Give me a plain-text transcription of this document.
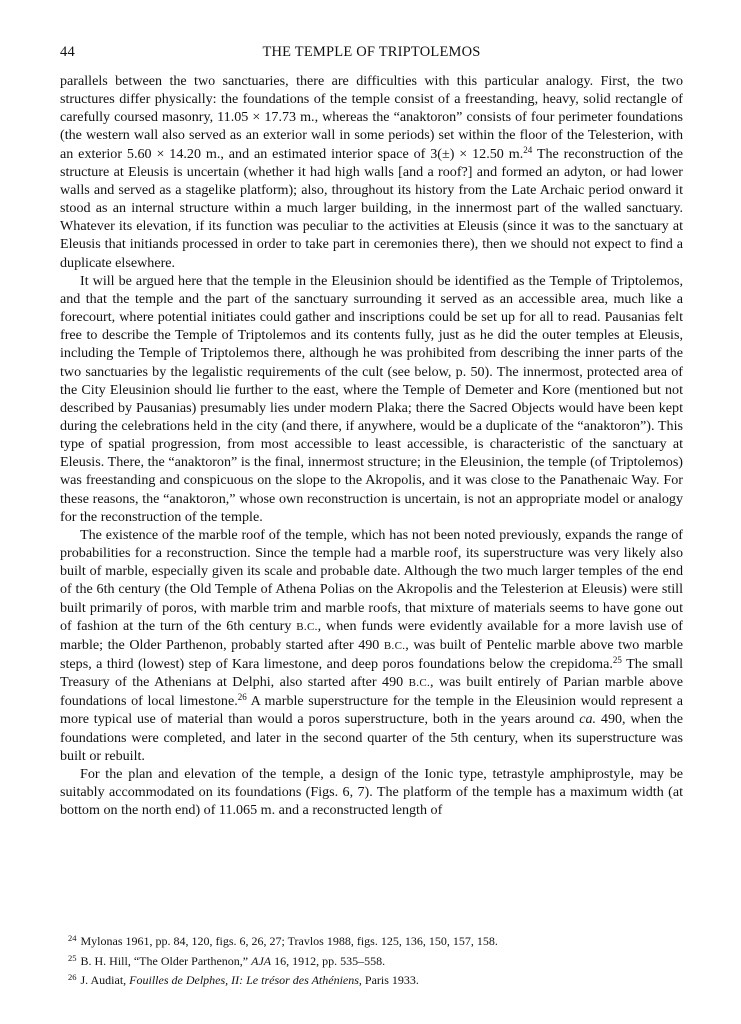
44	THE TEMPLE OF TRIPTOLEMOS

parallels between the two sanctuaries, there are difficulties with this particular analogy. First, the two structures differ physically: the foundations of the temple consist of a freestanding, heavy, solid rectangle of carefully coursed masonry, 11.05 × 17.73 m., whereas the “anaktoron” consists of four perimeter foundations (the western wall also served as an exterior wall in some periods) set within the floor of the Telesterion, with an exterior 5.60 × 14.20 m., and an estimated interior space of 3(±) × 12.50 m.$^{24}$ The reconstruction of the structure at Eleusis is uncertain (whether it had high walls [and a roof?] and formed an adyton, or had lower walls and served as a stagelike platform); also, throughout its history from the Late Archaic period onward it stood as an internal structure within a much larger building, in the innermost part of the walled sanctuary. Whatever its elevation, if its function was peculiar to the activities at Eleusis (since it was to the sanctuary at Eleusis that initiands processed in order to take part in ceremonies there), then we should not expect to find a duplicate elsewhere.

It will be argued here that the temple in the Eleusinion should be identified as the Temple of Triptolemos, and that the temple and the part of the sanctuary surrounding it served as an accessible area, much like a forecourt, where potential initiates could gather and inscriptions could be set up for all to read. Pausanias felt free to describe the Temple of Triptolemos and its contents fully, just as he did the outer temples at Eleusis, including the Temple of Triptolemos there, although he was prohibited from describing the inner parts of the two sanctuaries by the legalistic requirements of the cult (see below, p. 50). The innermost, protected area of the City Eleusinion should lie further to the east, where the Temple of Demeter and Kore (mentioned but not described by Pausanias) presumably lies under modern Plaka; there the Sacred Objects would have been kept during the celebrations held in the city (and there, if anywhere, would be a duplicate of the “anaktoron”). This type of spatial progression, from most accessible to least accessible, is characteristic of the sanctuary at Eleusis. There, the “anaktoron” is the final, innermost structure; in the Eleusinion, the temple (of Triptolemos) was freestanding and conspicuous on the slope to the Akropolis, and it was close to the Panathenaic Way. For these reasons, the “anaktoron,” whose own reconstruction is uncertain, is not an appropriate model or analogy for the reconstruction of the temple.

The existence of the marble roof of the temple, which has not been noted previously, expands the range of probabilities for a reconstruction. Since the temple had a marble roof, its superstructure was very likely also built of marble, especially given its scale and probable date. Although the two much larger temples of the end of the 6th century (the Old Temple of Athena Polias on the Akropolis and the Telesterion at Eleusis) were still built primarily of poros, with marble trim and marble roofs, that mixture of materials seems to have gone out of fashion at the turn of the 6th century B.C., when funds were evidently available for a more lavish use of marble; the Older Parthenon, probably started after 490 B.C., was built of Pentelic marble above two marble steps, a third (lowest) step of Kara limestone, and deep poros foundations below the crepidoma.$^{25}$ The small Treasury of the Athenians at Delphi, also started after 490 B.C., was built entirely of Parian marble above foundations of local limestone.$^{26}$ A marble superstructure for the temple in the Eleusinion would represent a more typical use of material than would a poros superstructure, both in the years around ca. 490, when the foundations were completed, and later in the second quarter of the 5th century, when its superstructure was built or rebuilt.

For the plan and elevation of the temple, a design of the Ionic type, tetrastyle amphiprostyle, may be suitably accommodated on its foundations (Figs. 6, 7). The platform of the temple has a maximum width (at bottom on the north end) of 11.065 m. and a reconstructed length of

$^{24}$ Mylonas 1961, pp. 84, 120, figs. 6, 26, 27; Travlos 1988, figs. 125, 136, 150, 157, 158.
$^{25}$ B. H. Hill, “The Older Parthenon,” AJA 16, 1912, pp. 535–558.
$^{26}$ J. Audiat, Fouilles de Delphes, II: Le trésor des Athéniens, Paris 1933.
